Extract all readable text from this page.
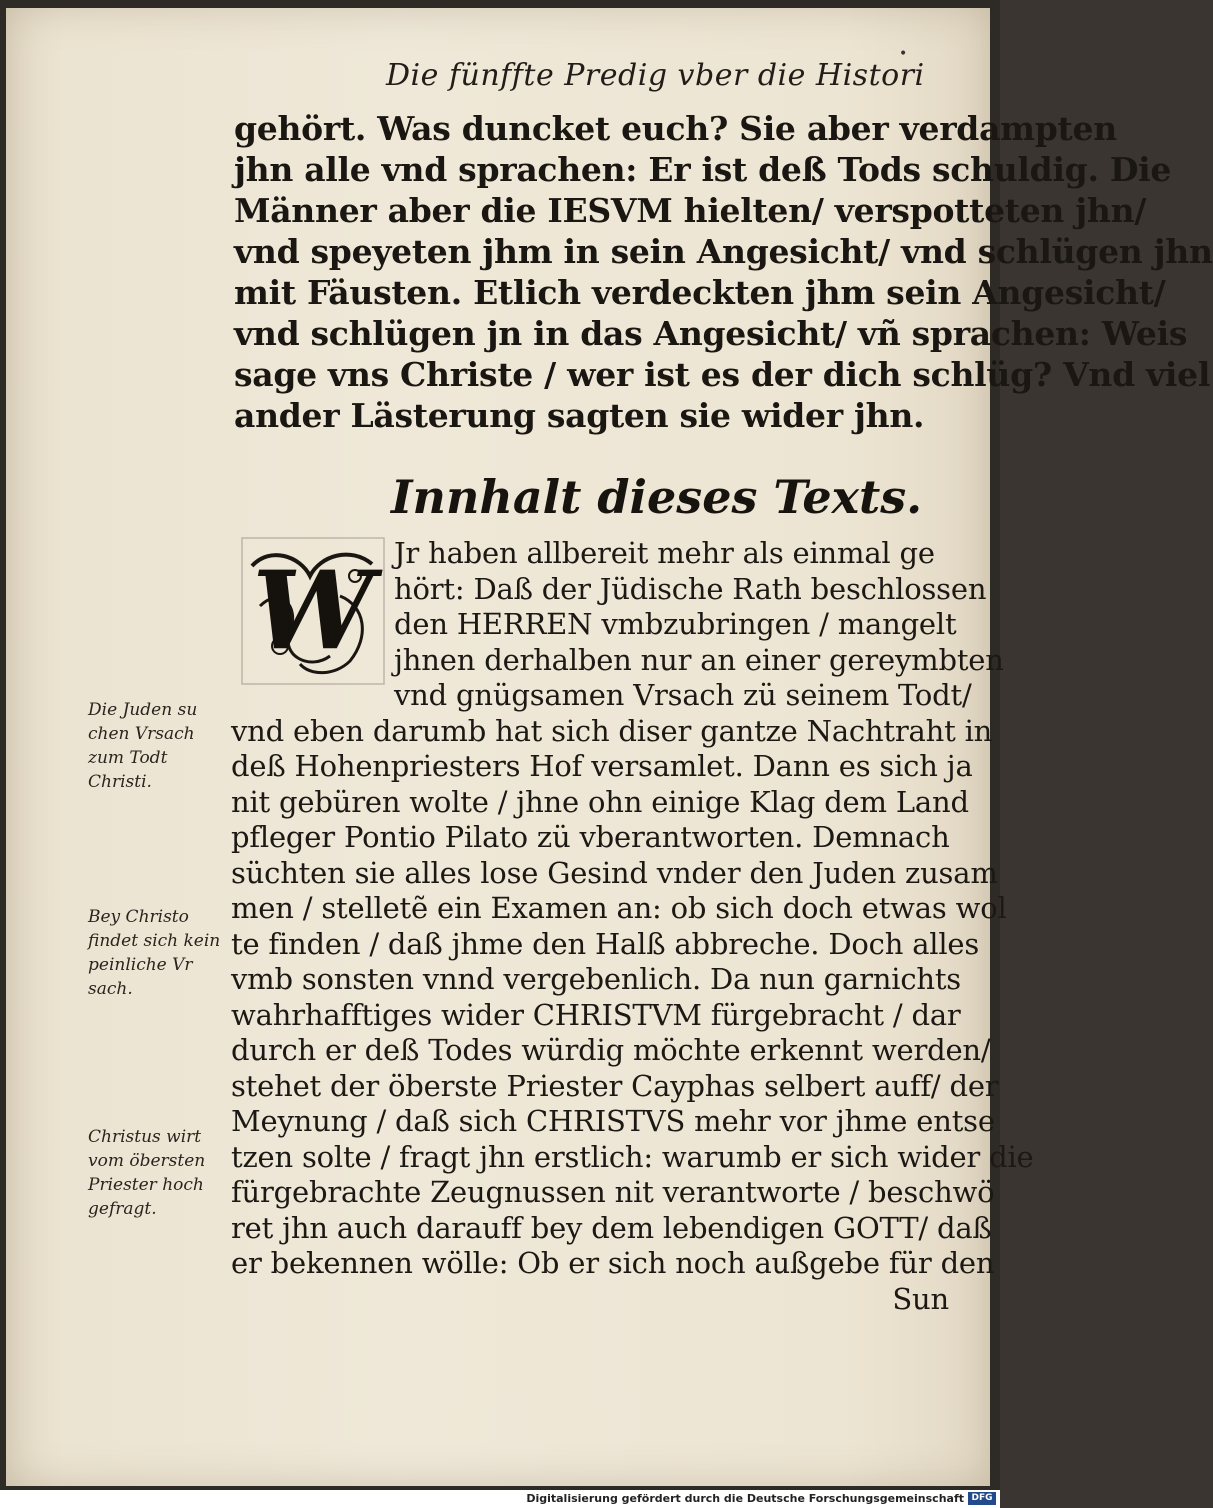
Die fünffte Predig vber die Histori
•
gehört. Was duncket euch? Sie aber verdampten
jhn alle vnd sprachen: Er ist deß Tods schuldig. Die
Männer aber die IESVM hielten/ verspotteten jhn/
vnd speyeten jhm in sein Angesicht/ vnd schlügen jhn
mit Fäusten. Etlich verdeckten jhm sein Angesicht/
vnd schlügen jn in das Angesicht/ vñ sprachen: Weis
sage vns Christe / wer ist es der dich schlüg? Vnd viel
ander Lästerung sagten sie wider jhn.
Innhalt dieses Texts.
W Jr haben allbereit mehr als einmal ge
hört: Daß der Jüdische Rath beschlossen
den HERREN vmbzubringen / mangelt
jhnen derhalben nur an einer gereymbten
vnd gnügsamen Vrsach zü seinem Todt/
vnd eben darumb hat sich diser gantze Nachtraht in
deß Hohenpriesters Hof versamlet. Dann es sich ja
nit gebüren wolte / jhne ohn einige Klag dem Land
pfleger Pontio Pilato zü vberantworten. Demnach
süchten sie alles lose Gesind vnder den Juden zusam
men / stelletẽ ein Examen an: ob sich doch etwas wol
te finden / daß jhme den Halß abbreche. Doch alles
vmb sonsten vnnd vergebenlich. Da nun garnichts
wahrhafftiges wider CHRISTVM fürgebracht / dar
durch er deß Todes würdig möchte erkennt werden/
stehet der öberste Priester Cayphas selbert auff/ der
Meynung / daß sich CHRISTVS mehr vor jhme entse
tzen solte / fragt jhn erstlich: warumb er sich wider die
fürgebrachte Zeugnussen nit verantworte / beschwö
ret jhn auch darauff bey dem lebendigen GOTT/ daß
er bekennen wölle: Ob er sich noch außgebe für den
Sun
Die Juden su
chen Vrsach
zum Todt
Christi.
Bey Christo
findet sich kein
peinliche Vr
sach.
Christus wirt
vom öbersten
Priester hoch
gefragt.
Digitalisierung gefördert durch die Deutsche Forschungsgemeinschaft DFG
